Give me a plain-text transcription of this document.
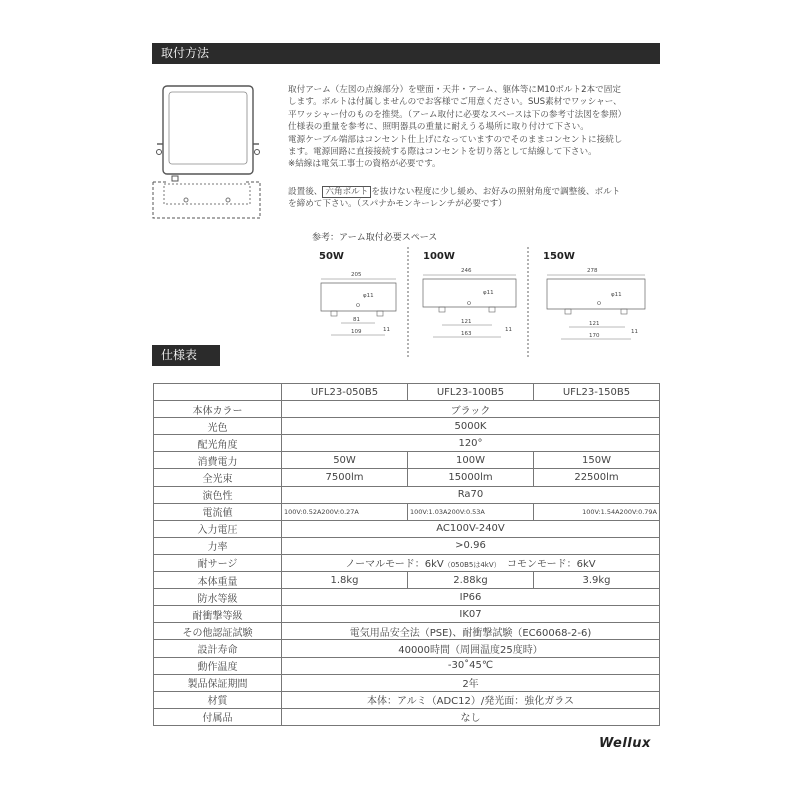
取付方法

取付アーム（左図の点線部分）を壁面・天井・アーム、躯体等にM10ボルト2本で固定

します。ボルトは付属しませんのでお客様でご用意ください。SUS素材でワッシャー、

平ワッシャー付のものを推奨。（アーム取付に必要なスペースは下の参考寸法図を参照）

仕様表の重量を参考に、照明器具の重量に耐えうる場所に取り付けて下さい。

電源ケーブル端部はコンセント仕上げになっていますのでそのままコンセントに接続し

ます。電源回路に直接接続する際はコンセントを切り落として結線して下さい。

※結線は電気工事士の資格が必要です。

設置後、 六角ボルト を抜けない程度に少し緩め、お好みの照射角度で調整後、ボルト

を締めて下さい。（スパナかモンキーレンチが必要です）

参考：アーム取付必要スペース
50W	100W	150W
205
φ11
81
109	11
246
φ11
121
163
11
278
φ11
121
170
11
仕様表
	UFL23-050B5	UFL23-100B5	UFL23-150B5
本体カラー	ブラック		
光色	5000K		
配光角度	120°		
消費電力	50W	100W	150W
全光束	7500lm	15000lm	22500lm
演色性	Ra70		
電流値	100V:0.52A200V:0.27A	100V:1.03A200V:0.53A	100V:1.54A200V:0.79A
入力電圧	AC100V-240V		
力率	>0.96		
耐サージ	ノーマルモード：6kV（050B5は4kV） コモンモード：6kV		
本体重量	1.8kg	2.88kg	3.9kg
防水等級	IP66		
耐衝撃等級	IK07		
その他認証試験	電気用品安全法（PSE)、耐衝撃試験（EC60068-2-6)		
設計寿命	40000時間（周囲温度25度時）		
動作温度	-30˚45℃		
製品保証期間	2年		
材質	本体：アルミ（ADC12）/発光面：強化ガラス		
付属品	なし		
Wellux
